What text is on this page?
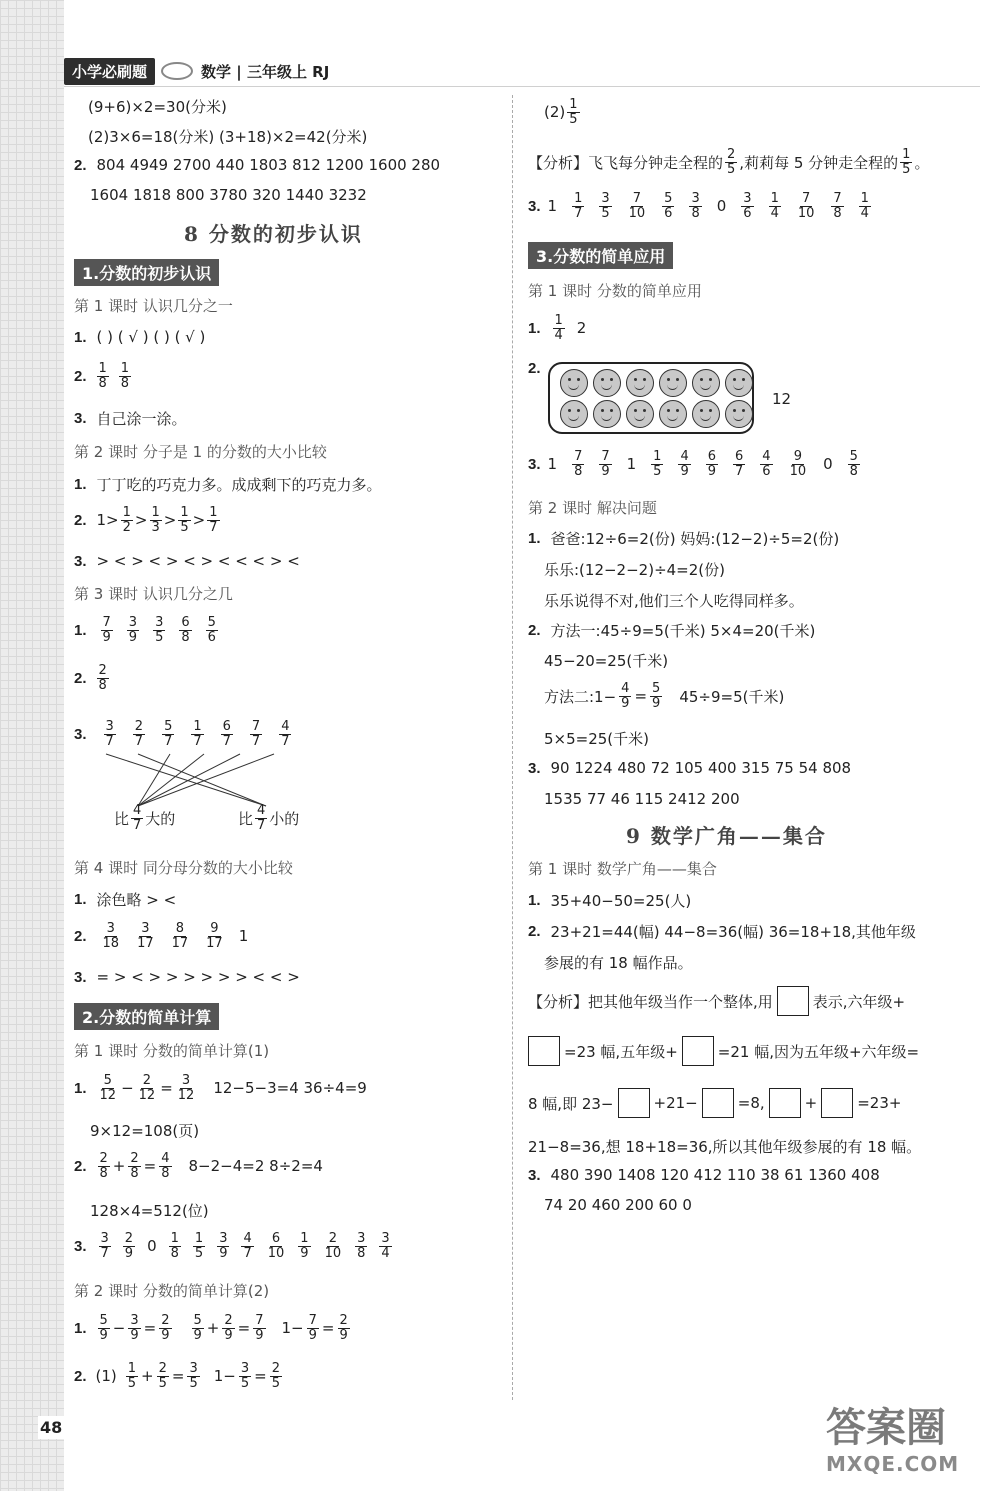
小学必刷题	数学 | 三年级上 RJ
(9+6)×2=30(分米)
(2)3×6=18(分米) (3+18)×2=42(分米)
2. 804 4949 2700 440 1803 812 1200 1600 280
1604 1818 800 3780 320 1440 3232
8 分数的初步认识
1.分数的初步认识
第 1 课时 认识几分之一
1. ( ) ( √ ) ( ) ( √ )
2. $\frac{1}{8} \frac{1}{8}$
3. 自己涂一涂。
第 2 课时 分子是 1 的分数的大小比较
1. 丁丁吃的巧克力多。成成剩下的巧克力多。
2. $1> \frac{1}{2} > \frac{1}{3} > \frac{1}{5} > \frac{1}{7}$
3. > < > < > < > < < < > <
第 3 课时 认识几分之几
1. $\frac{7}{9} \frac{3}{9} \frac{3}{5} \frac{6}{8} \frac{5}{6}$
2. $\frac{2}{8}$
3. $\frac{3}{7} \frac{2}{7} \frac{5}{7} \frac{1}{7} \frac{6}{7} \frac{7}{7} \frac{4}{7}$
比 $\frac{4}{7}$ 大的	比 $\frac{4}{7}$ 小的
第 4 课时 同分母分数的大小比较
1. 涂色略 > <
2. $\frac{3}{18} \frac{3}{17} \frac{8}{17} \frac{9}{17} 1$
3. = > < > > > > > > < < >
2.分数的简单计算
第 1 课时 分数的简单计算(1)
1. $\frac{5}{12} - \frac{2}{12} = \frac{3}{12} 12-5-3=4$ 36÷4=9
9×12=108(页)
2. $\frac{2}{8} + \frac{2}{8} = \frac{4}{8} 8-2-4=2$ 8÷2=4
128×4=512(位)
3. $\frac{3}{7} \frac{2}{9} 0 \frac{1}{8} \frac{1}{5} \frac{3}{9} \frac{4}{7} \frac{6}{10} \frac{1}{9} \frac{2}{10} \frac{3}{8} \frac{3}{4}$
第 2 课时 分数的简单计算(2)
1. $\frac{5}{9} - \frac{3}{9} = \frac{2}{9} \frac{5}{9} + \frac{2}{9} = \frac{7}{9} 1- \frac{7}{9} = \frac{2}{9}$
2. $(1) \frac{1}{5} + \frac{2}{5} = \frac{3}{5} 1- \frac{3}{5} = \frac{2}{5}$
$(2) \frac{1}{5}$
【分析】飞飞每分钟走全程的 $\frac{2}{5}$ ,莉莉每 5 分钟走全程的 $\frac{1}{5}$ 。
3. $1 \frac{1}{7} \frac{3}{5} \frac{7}{10} \frac{5}{6} \frac{3}{8} 0 \frac{3}{6} \frac{1}{4} \frac{7}{10} \frac{7}{8} \frac{1}{4}$
3.分数的简单应用
第 1 课时 分数的简单应用
1. $\frac{1}{4} 2$
2.
12
3. $1 \frac{7}{8} \frac{7}{9} 1 \frac{1}{5} \frac{4}{9} \frac{6}{9} \frac{6}{7} \frac{4}{6} \frac{9}{10} 0 \frac{5}{8}$
第 2 课时 解决问题
1. 爸爸:12÷6=2(份) 妈妈:(12−2)÷5=2(份)
乐乐:(12−2−2)÷4=2(份)
乐乐说得不对,他们三个人吃得同样多。
2. 方法一:45÷9=5(千米) 5×4=20(千米)
45−20=25(千米)
方法二:1− $\frac{4}{9} = \frac{5}{9} 45\div 9=5$(千米)
5×5=25(千米)
3. 90 1224 480 72 105 400 315 75 54 808
1535 77 46 115 2412 200
9 数学广角——集合
第 1 课时 数学广角——集合
1. 35+40−50=25(人)
2. 23+21=44(幅) 44−8=36(幅) 36=18+18,其他年级
参展的有 18 幅作品。
【分析】把其他年级当作一个整体,用	表示,六年级+
=23 幅,五年级+	=21 幅,因为五年级+六年级=
8 幅,即 23−	+21−	=8,	+	=23+
21−8=36,想 18+18=36,所以其他年级参展的有 18 幅。
3. 480 390 1408 120 412 110 38 61 1360 408
74 20 460 200 60 0
48	答案圈
MXQE.COM
